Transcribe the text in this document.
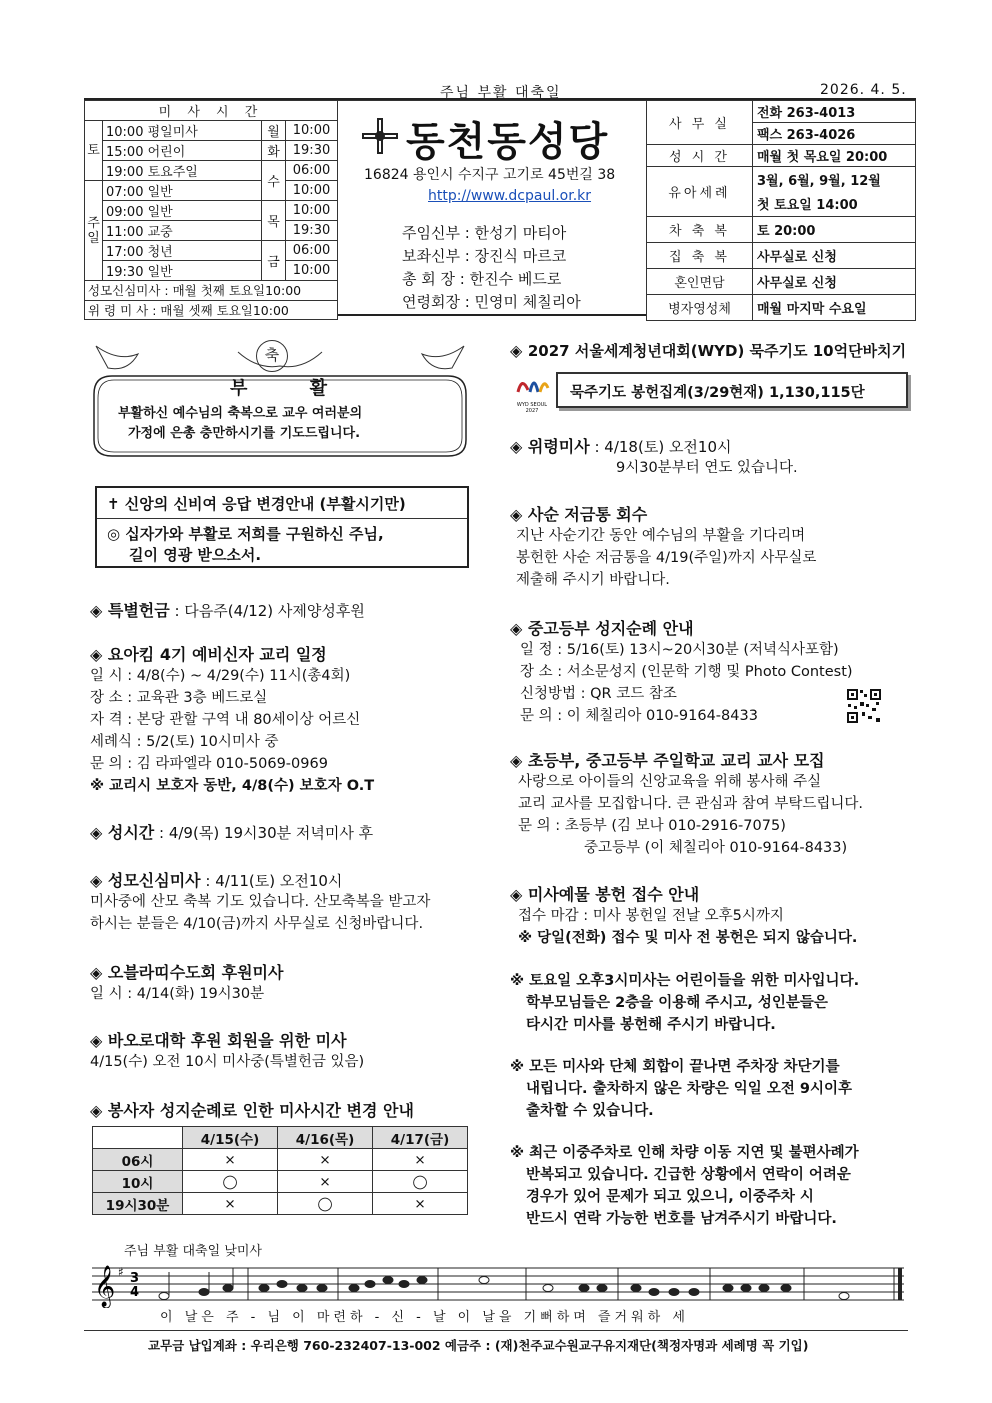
주님 부활 대축일	2026. 4. 5.
미 사 시 간			
토	10:00 평일미사	월	10:00
	15:00 어린이	화	19:30
	19:00 토요주일	수	06:00
주일	07:00 일반		10:00
	09:00 일반	목	10:00
	11:00 교중		19:30
	17:00 청년	금	06:00
	19:30 일반		10:00
성모신심미사 : 매월 첫째 토요일10:00			
위 령 미 사 : 매월 셋째 토요일10:00			
동천동성당
16824 용인시 수지구 고기로 45번길 38
http://www.dcpaul.or.kr
주임신부 : 한성기 마티아
보좌신부 : 장진식 마르코
총 회 장 : 한진수 베드로
연령회장 : 민영미 체칠리아
사 무 실	전화 263-4013
	팩스 263-4026
성 시 간	매월 첫 목요일 20:00
유아세례	3월, 6월, 9월, 12월
	첫 토요일 14:00
차 축 복	토 20:00
집 축 복	사무실로 신청
혼인면담	사무실로 신청
병자영성체	매월 마지막 수요일
축
부 활
부활하신 예수님의 축복으로 교우 여러분의
가정에 은총 충만하시기를 기도드립니다.
✝ 신앙의 신비여 응답 변경안내 (부활시기만)
◎ 십자가와 부활로 저희를 구원하신 주님,
길이 영광 받으소서.
◈ 특별헌금 : 다음주(4/12) 사제양성후원
◈ 요아킴 4기 예비신자 교리 일정
일 시 : 4/8(수) ~ 4/29(수) 11시(총4회)
장 소 : 교육관 3층 베드로실
자 격 : 본당 관할 구역 내 80세이상 어르신
세례식 : 5/2(토) 10시미사 중
문 의 : 김 라파엘라 010-5069-0969
※ 교리시 보호자 동반, 4/8(수) 보호자 O.T
◈ 성시간 : 4/9(목) 19시30분 저녁미사 후
◈ 성모신심미사 : 4/11(토) 오전10시
미사중에 산모 축복 기도 있습니다. 산모축복을 받고자
하시는 분들은 4/10(금)까지 사무실로 신청바랍니다.
◈ 오블라띠수도회 후원미사
일 시 : 4/14(화) 19시30분
◈ 바오로대학 후원 회원을 위한 미사
4/15(수) 오전 10시 미사중(특별헌금 있음)
◈ 봉사자 성지순례로 인한 미사시간 변경 안내
	4/15(수)	4/16(목)	4/17(금)
06시	×	×	×
10시	◯	×	◯
19시30분	×	◯	×
◈ 2027 서울세계청년대회(WYD) 묵주기도 10억단바치기
WYD SEOUL 2027
묵주기도 봉헌집계(3/29현재) 1,130,115단
◈ 위령미사 : 4/18(토) 오전10시
9시30분부터 연도 있습니다.
◈ 사순 저금통 회수
지난 사순기간 동안 예수님의 부활을 기다리며
봉헌한 사순 저금통을 4/19(주일)까지 사무실로
제출해 주시기 바랍니다.
◈ 중고등부 성지순례 안내
일 정 : 5/16(토) 13시~20시30분 (저녁식사포함)
장 소 : 서소문성지 (인문학 기행 및 Photo Contest)
신청방법 : QR 코드 참조
문 의 : 이 체칠리아 010-9164-8433
◈ 초등부, 중고등부 주일학교 교리 교사 모집
사랑으로 아이들의 신앙교육을 위해 봉사해 주실
교리 교사를 모집합니다. 큰 관심과 참여 부탁드립니다.
문 의 : 초등부 (김 보나 010-2916-7075)
중고등부 (이 체칠리아 010-9164-8433)
◈ 미사예물 봉헌 접수 안내
접수 마감 : 미사 봉헌일 전날 오후5시까지
※ 당일(전화) 접수 및 미사 전 봉헌은 되지 않습니다.
※ 토요일 오후3시미사는 어린이들을 위한 미사입니다.
학부모님들은 2층을 이용해 주시고, 성인분들은
타시간 미사를 봉헌해 주시기 바랍니다.
※ 모든 미사와 단체 회합이 끝나면 주차장 차단기를
내립니다. 출차하지 않은 차량은 익일 오전 9시이후
출차할 수 있습니다.
※ 최근 이중주차로 인해 차량 이동 지연 및 불편사례가
반복되고 있습니다. 긴급한 상황에서 연락이 어려운
경우가 있어 문제가 되고 있으니, 이중주차 시
반드시 연락 가능한 번호를 남겨주시기 바랍니다.
주님 부활 대축일 낮미사
𝄞 ♯ 3
4
이 날은 주 - 님 이 마련하 - 신 - 날 이 날을 기뻐하며 즐거워하 세
교무금 납입계좌 : 우리은행 760-232407-13-002 예금주 : (재)천주교수원교구유지재단(책정자명과 세례명 꼭 기입)
